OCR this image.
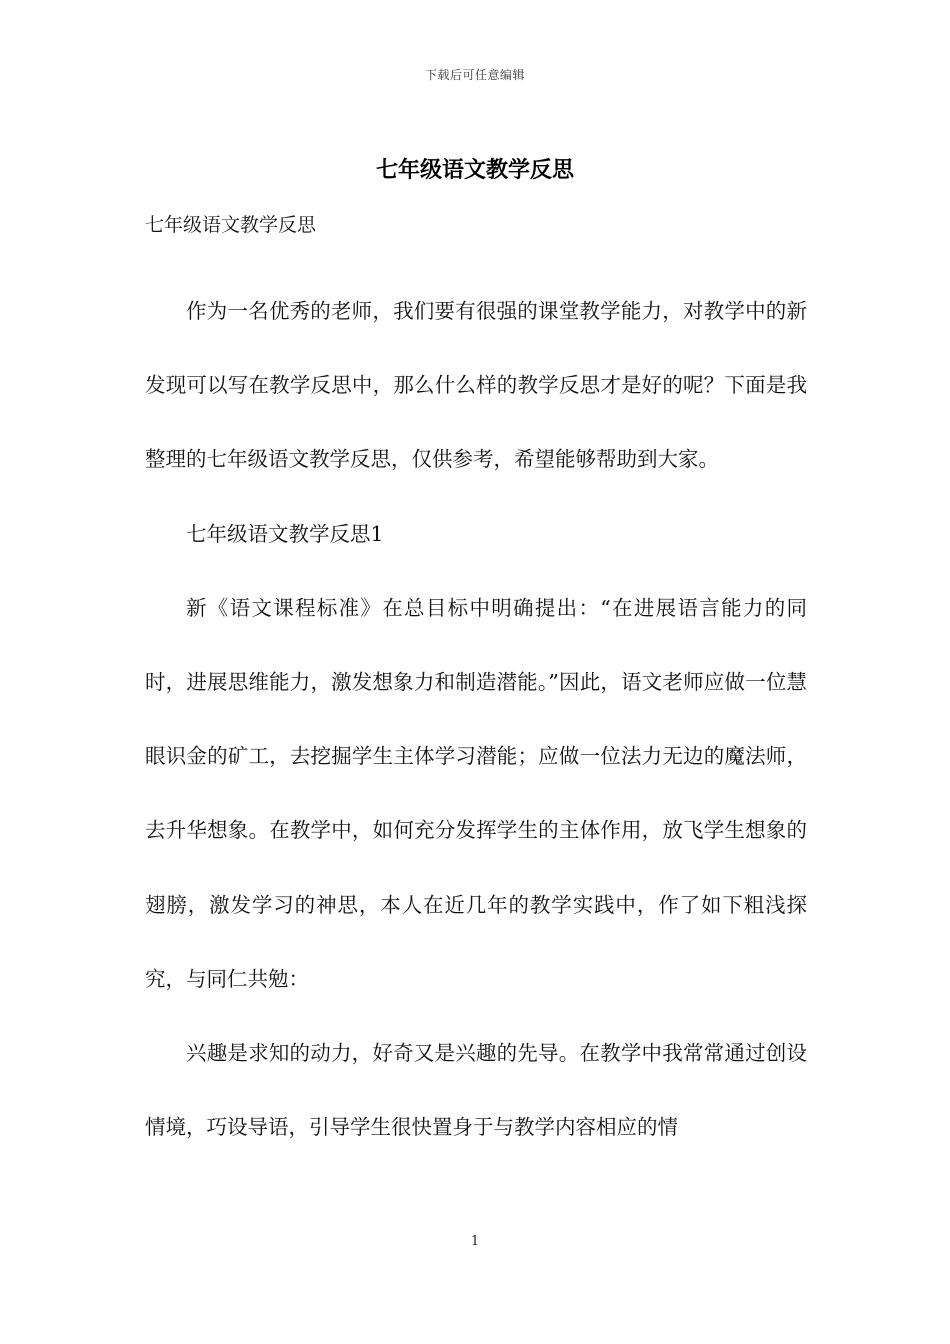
下载后可任意编辑
七年级语文教学反思
七年级语文教学反思

作为一名优秀的老师，我们要有很强的课堂教学能力，对教学中的新发现可以写在教学反思中，那么什么样的教学反思才是好的呢？下面是我整理的七年级语文教学反思，仅供参考，希望能够帮助到大家。

七年级语文教学反思1

新《语文课程标准》在总目标中明确提出：“在进展语言能力的同时，进展思维能力，激发想象力和制造潜能。”因此，语文老师应做一位慧眼识金的矿工，去挖掘学生主体学习潜能；应做一位法力无边的魔法师，去升华想象。在教学中，如何充分发挥学生的主体作用，放飞学生想象的翅膀，激发学习的神思，本人在近几年的教学实践中，作了如下粗浅探究，与同仁共勉：

兴趣是求知的动力，好奇又是兴趣的先导。在教学中我常常通过创设情境，巧设导语，引导学生很快置身于与教学内容相应的情

1
